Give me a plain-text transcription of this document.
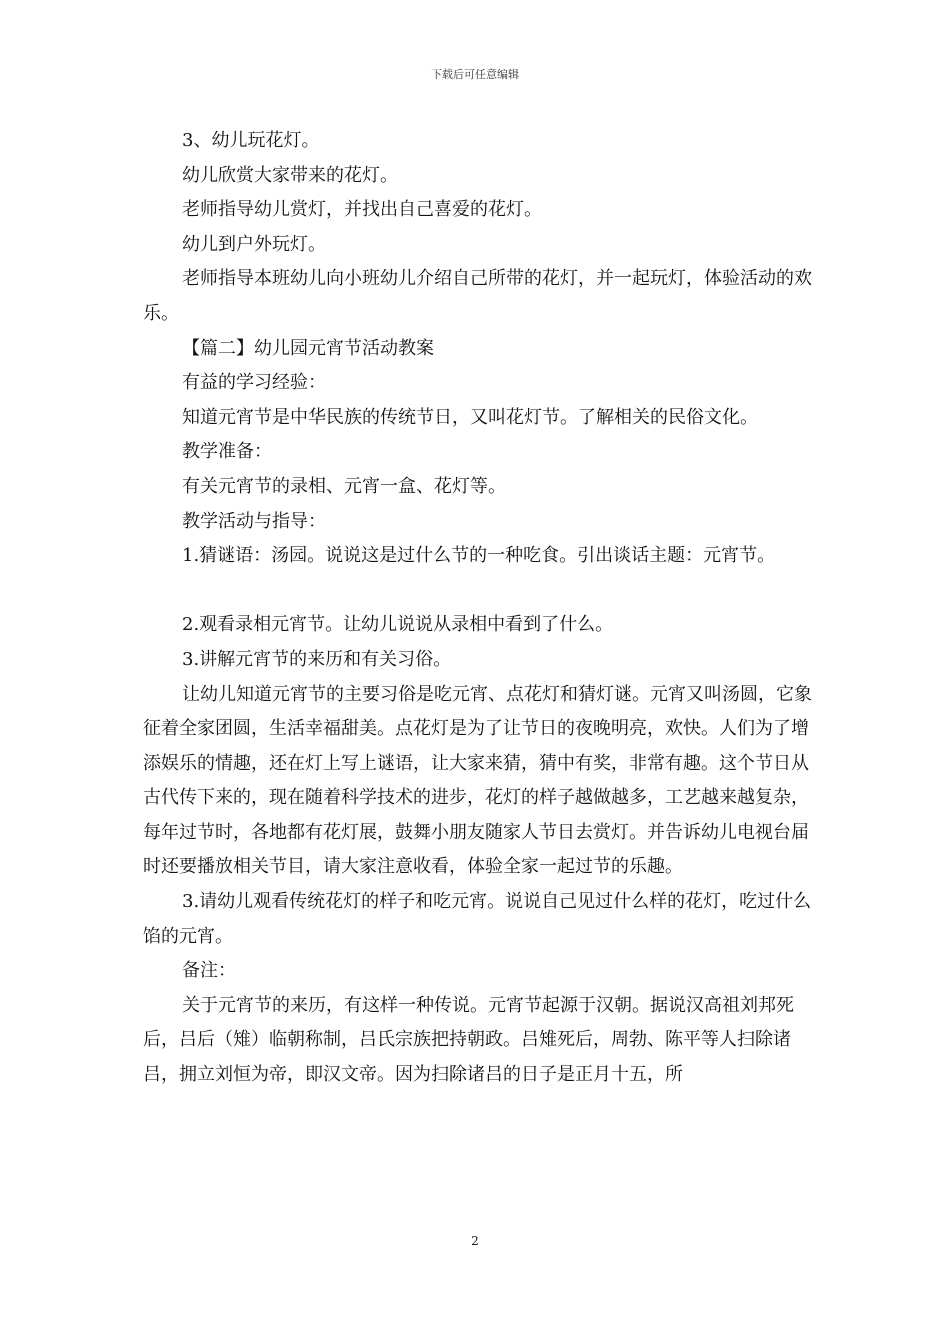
下载后可任意编辑

3、幼儿玩花灯。

幼儿欣赏大家带来的花灯。

老师指导幼儿赏灯，并找出自己喜爱的花灯。

幼儿到户外玩灯。

老师指导本班幼儿向小班幼儿介绍自己所带的花灯，并一起玩灯，体验活动的欢乐。

【篇二】幼儿园元宵节活动教案

有益的学习经验：

知道元宵节是中华民族的传统节日，又叫花灯节。了解相关的民俗文化。

教学准备：

有关元宵节的录相、元宵一盒、花灯等。

教学活动与指导：

1.猜谜语：汤园。说说这是过什么节的一种吃食。引出谈话主题：元宵节。

2.观看录相元宵节。让幼儿说说从录相中看到了什么。

3.讲解元宵节的来历和有关习俗。

让幼儿知道元宵节的主要习俗是吃元宵、点花灯和猜灯谜。元宵又叫汤圆，它象征着全家团圆，生活幸福甜美。点花灯是为了让节日的夜晚明亮，欢快。人们为了增添娱乐的情趣，还在灯上写上谜语，让大家来猜，猜中有奖，非常有趣。这个节日从古代传下来的，现在随着科学技术的进步，花灯的样子越做越多，工艺越来越复杂，每年过节时，各地都有花灯展，鼓舞小朋友随家人节日去赏灯。并告诉幼儿电视台届时还要播放相关节目，请大家注意收看，体验全家一起过节的乐趣。

3.请幼儿观看传统花灯的样子和吃元宵。说说自己见过什么样的花灯，吃过什么馅的元宵。

备注：

关于元宵节的来历，有这样一种传说。元宵节起源于汉朝。据说汉高祖刘邦死后，吕后（雉）临朝称制，吕氏宗族把持朝政。吕雉死后，周勃、陈平等人扫除诸吕，拥立刘恒为帝，即汉文帝。因为扫除诸吕的日子是正月十五，所

2
